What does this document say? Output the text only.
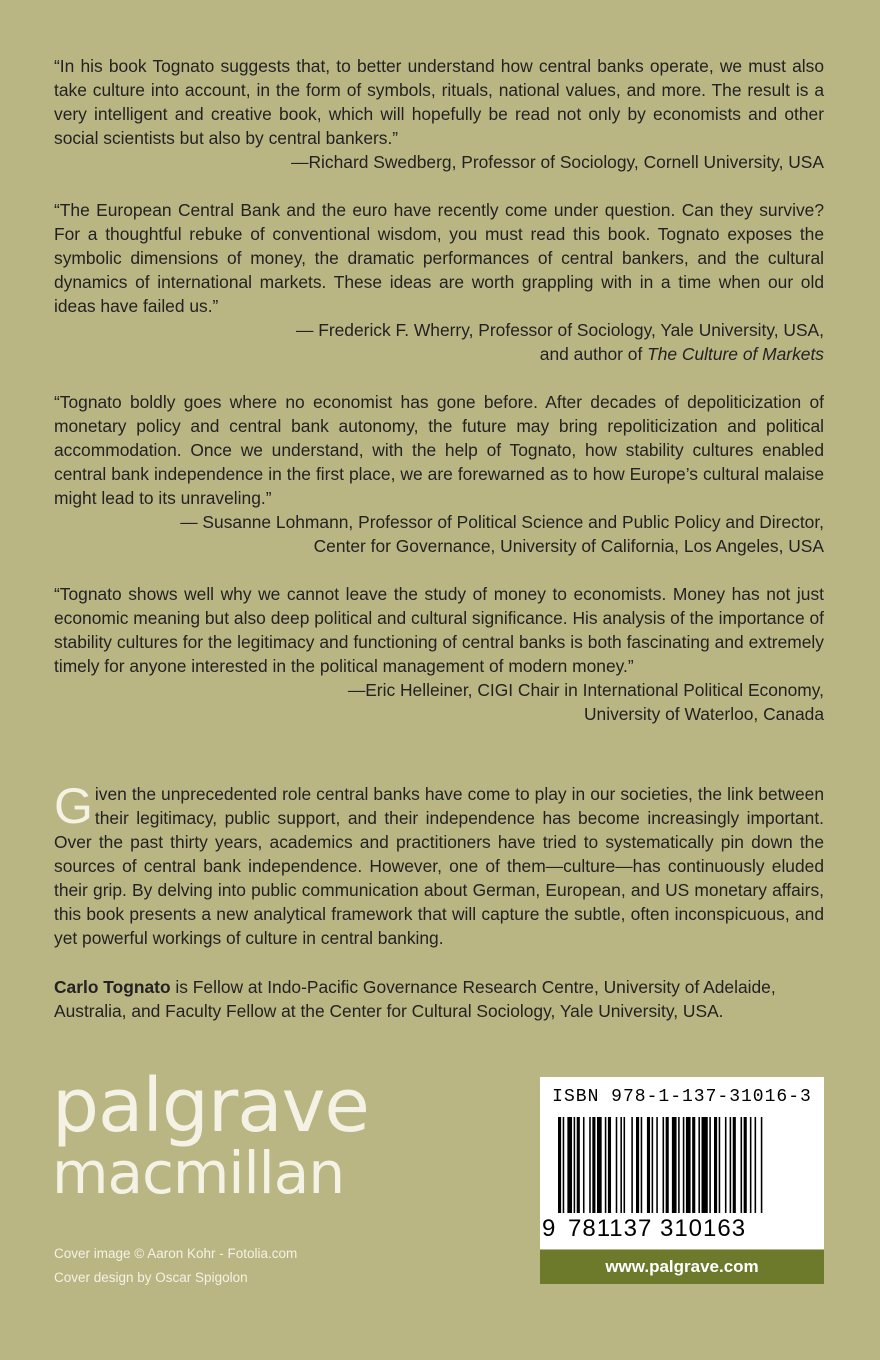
“In his book Tognato suggests that, to better understand how central banks operate, we must also take culture into account, in the form of symbols, rituals, national values, and more. The result is a very intelligent and creative book, which will hopefully be read not only by economists and other social scientists but also by central bankers.”

—Richard Swedberg, Professor of Sociology, Cornell University, USA

“The European Central Bank and the euro have recently come under question. Can they survive? For a thoughtful rebuke of conventional wisdom, you must read this book. Tognato exposes the symbolic dimensions of money, the dramatic performances of central bankers, and the cultural dynamics of international markets. These ideas are worth grappling with in a time when our old ideas have failed us.”

— Frederick F. Wherry, Professor of Sociology, Yale University, USA,
and author of The Culture of Markets

“Tognato boldly goes where no economist has gone before. After decades of depoliticization of monetary policy and central bank autonomy, the future may bring repoliticization and political accommodation. Once we understand, with the help of Tognato, how stability cultures enabled central bank independence in the first place, we are forewarned as to how Europe’s cultural malaise might lead to its unraveling.”

— Susanne Lohmann, Professor of Political Science and Public Policy and Director,
Center for Governance, University of California, Los Angeles, USA

“Tognato shows well why we cannot leave the study of money to economists. Money has not just economic meaning but also deep political and cultural significance. His analysis of the importance of stability cultures for the legitimacy and functioning of central banks is both fascinating and extremely timely for anyone interested in the political management of modern money.”

—Eric Helleiner, CIGI Chair in International Political Economy,
University of Waterloo, Canada

Given the unprecedented role central banks have come to play in our societies, the link between their legitimacy, public support, and their independence has become increasingly important. Over the past thirty years, academics and practitioners have tried to systematically pin down the sources of central bank independence. However, one of them—culture—has continuously eluded their grip. By delving into public communication about German, European, and US monetary affairs, this book presents a new analytical framework that will capture the subtle, often inconspicuous, and yet powerful workings of culture in central banking.

Carlo Tognato is Fellow at Indo-Pacific Governance Research Centre, University of Adelaide, Australia, and Faculty Fellow at the Center for Cultural Sociology, Yale University, USA.

palgrave

macmillan

Cover image © Aaron Kohr - Fotolia.com

Cover design by Oscar Spigolon

ISBN 978-1-137-31016-3
9 781137 310163
www.palgrave.com
